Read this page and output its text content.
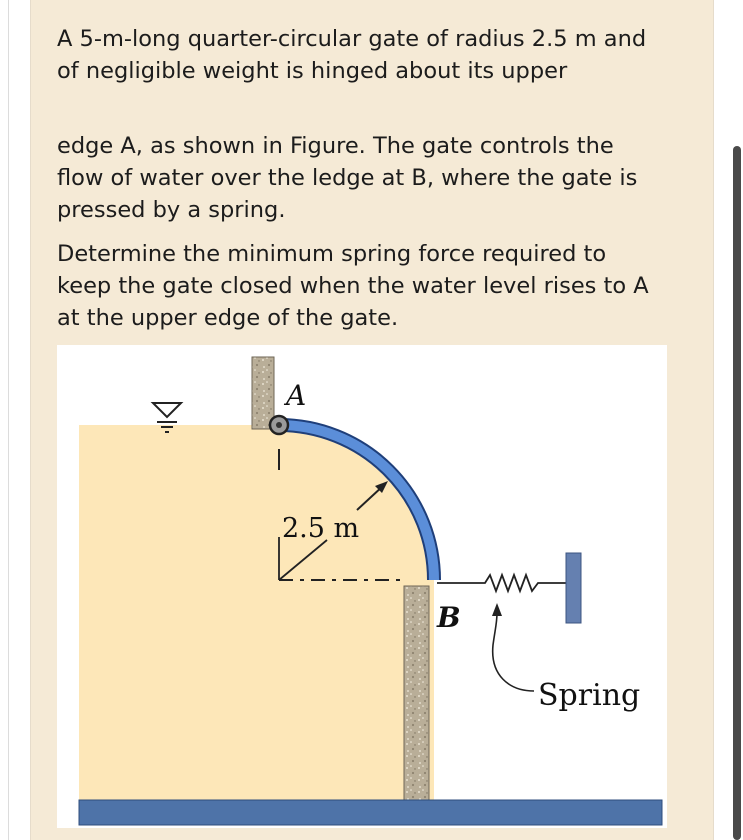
A 5-m-long quarter-circular gate of radius 2.5 m and of negligible weight is hinged about its upper

edge A, as shown in Figure. The gate controls the flow of water over the ledge at B, where the gate is pressed by a spring.

Determine the minimum spring force required to keep the gate closed when the water level rises to A at the upper edge of the gate.

A
B
2.5 m
Spring
